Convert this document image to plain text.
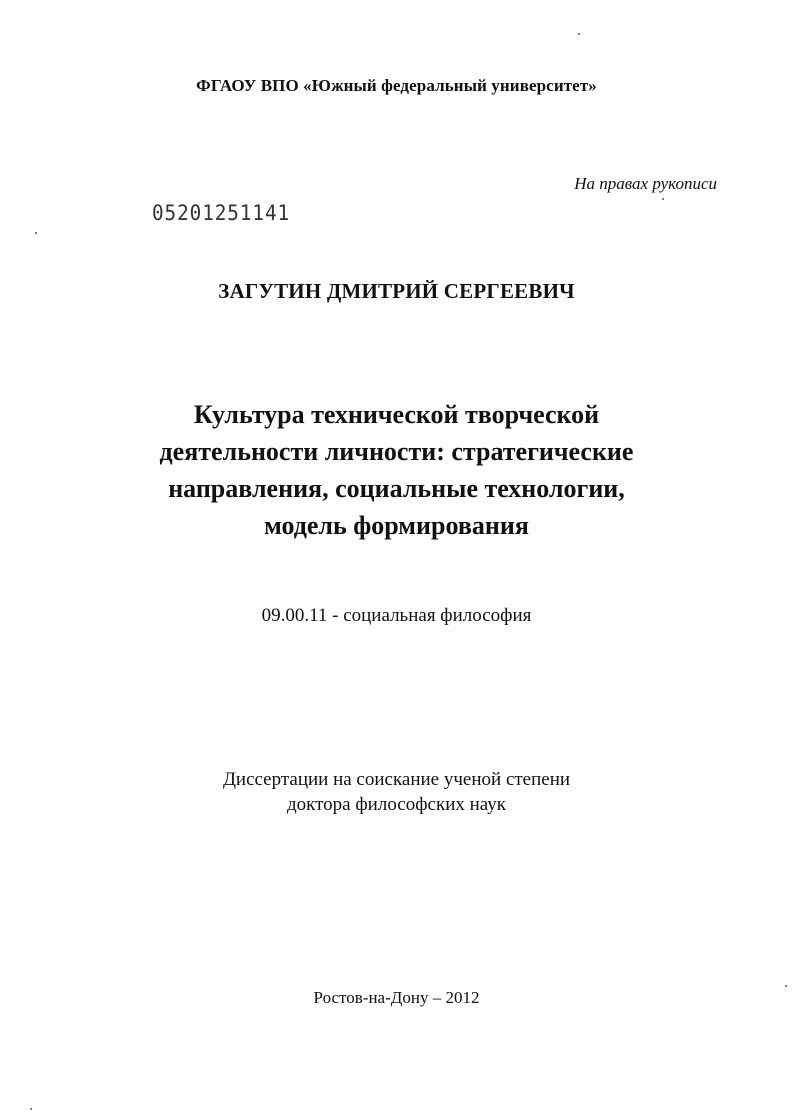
ФГАОУ ВПО «Южный федеральный университет»
На правах рукописи
05201251141
ЗАГУТИН ДМИТРИЙ СЕРГЕЕВИЧ
Культура технической творческой
деятельности личности: стратегические
направления, социальные технологии,
модель формирования
09.00.11 - социальная философия
Диссертации на соискание ученой степени
доктора философских наук
Ростов-на-Дону – 2012
